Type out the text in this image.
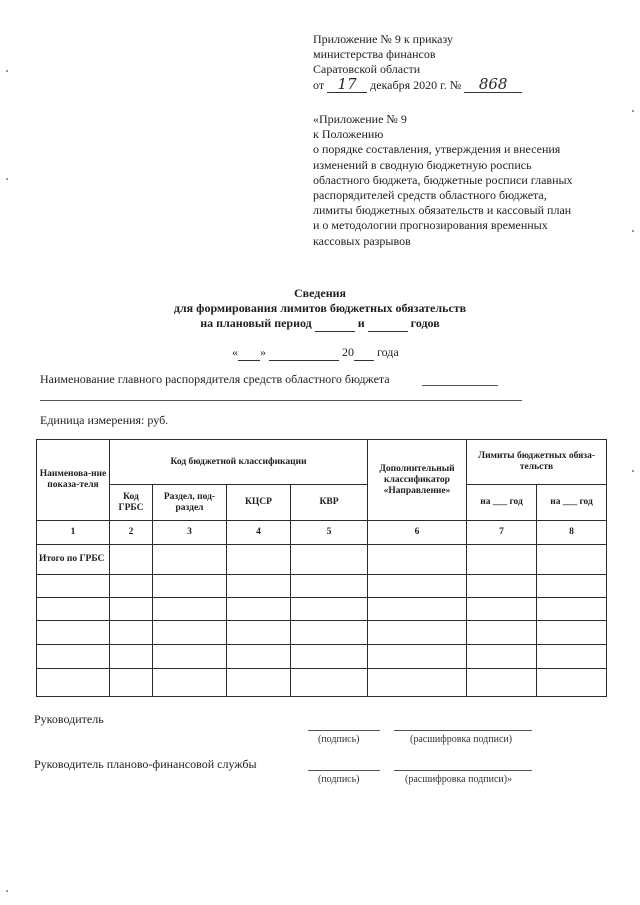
Приложение № 9 к приказу
министерства финансов
Саратовской области
от 17 декабря 2020 г. № 868
«Приложение № 9
к Положению
о порядке составления, утверждения и внесения
изменений в сводную бюджетную роспись
областного бюджета, бюджетные росписи главных
распорядителей средств областного бюджета,
лимиты бюджетных обязательств и кассовый план
и о методологии прогнозирования временных
кассовых разрывов
Сведения
для формирования лимитов бюджетных обязательств
на плановый период	и	годов
« »	20 года
Наименование главного распорядителя средств областного бюджета
Единица измерения: руб.
Наименова-ние показа-теля	Код бюджетной классификации				Дополнительный классификатор «Направление»	Лимиты бюджетных обяза-тельств	
	Код ГРБС	Раздел, под-раздел	КЦСР	КВР		на ___ год	на ___ год
1	2	3	4	5	6	7	8
Итого по ГРБС							

Руководитель
(подпись)	(расшифровка подписи)
Руководитель планово-финансовой службы
(подпись)	(расшифровка подписи)»
